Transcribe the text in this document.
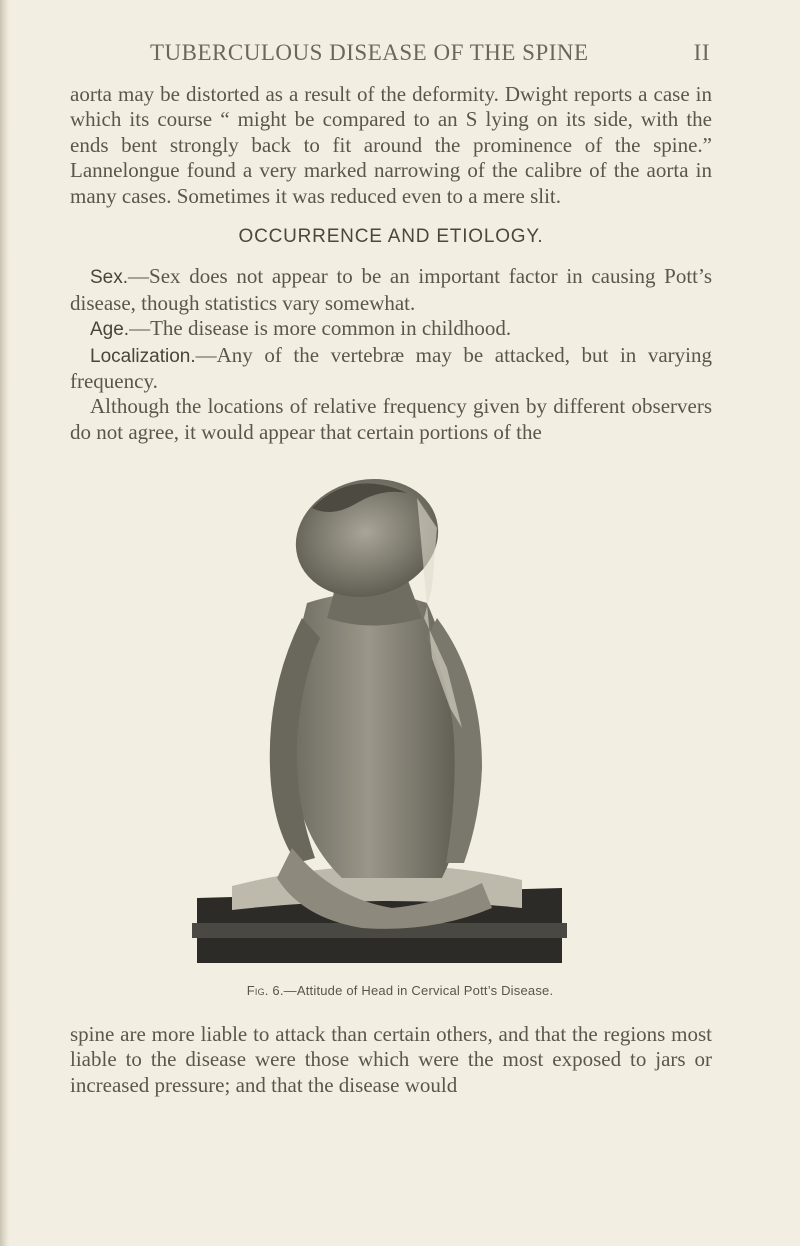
TUBERCULOUS DISEASE OF THE SPINE	II

aorta may be distorted as a result of the deformity. Dwight reports a case in which its course “ might be compared to an S lying on its side, with the ends bent strongly back to fit around the prominence of the spine.” Lannelongue found a very marked narrowing of the calibre of the aorta in many cases. Sometimes it was reduced even to a mere slit.

OCCURRENCE AND ETIOLOGY.

Sex.—Sex does not appear to be an important factor in causing Pott’s disease, though statistics vary somewhat.

Age.—The disease is more common in childhood.

Localization.—Any of the vertebræ may be attacked, but in varying frequency.

Although the locations of relative frequency given by different observers do not agree, it would appear that certain portions of the

Fig. 6.—Attitude of Head in Cervical Pott’s Disease.

spine are more liable to attack than certain others, and that the regions most liable to the disease were those which were the most exposed to jars or increased pressure; and that the disease would
